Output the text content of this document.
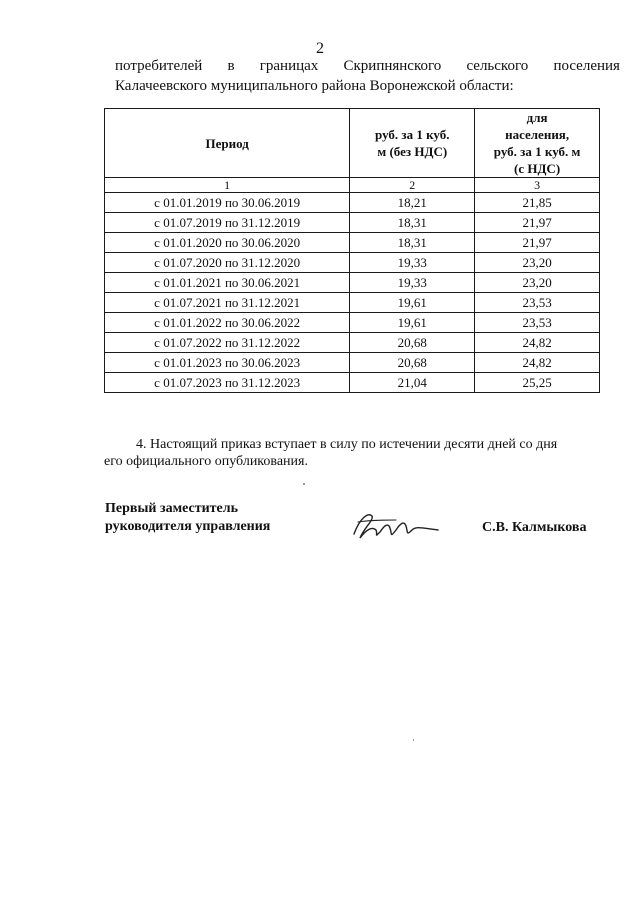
2
потребителей в границах Скрипнянского сельского поселения
Калачеевского муниципального района Воронежской области:
Период	руб. за 1 куб. м (без НДС)	для
населения,
руб. за 1 куб. м
(с НДС)

1	2	3
с 01.01.2019 по 30.06.2019	18,21	21,85
с 01.07.2019 по 31.12.2019	18,31	21,97
с 01.01.2020 по 30.06.2020	18,31	21,97
с 01.07.2020 по 31.12.2020	19,33	23,20
с 01.01.2021 по 30.06.2021	19,33	23,20
с 01.07.2021 по 31.12.2021	19,61	23,53
с 01.01.2022 по 30.06.2022	19,61	23,53
с 01.07.2022 по 31.12.2022	20,68	24,82
с 01.01.2023 по 30.06.2023	20,68	24,82
с 01.07.2023 по 31.12.2023	21,04	25,25
4. Настоящий приказ вступает в силу по истечении десяти дней со дня
его официального опубликования.
Первый заместитель
руководителя управления	С.В. Калмыкова
